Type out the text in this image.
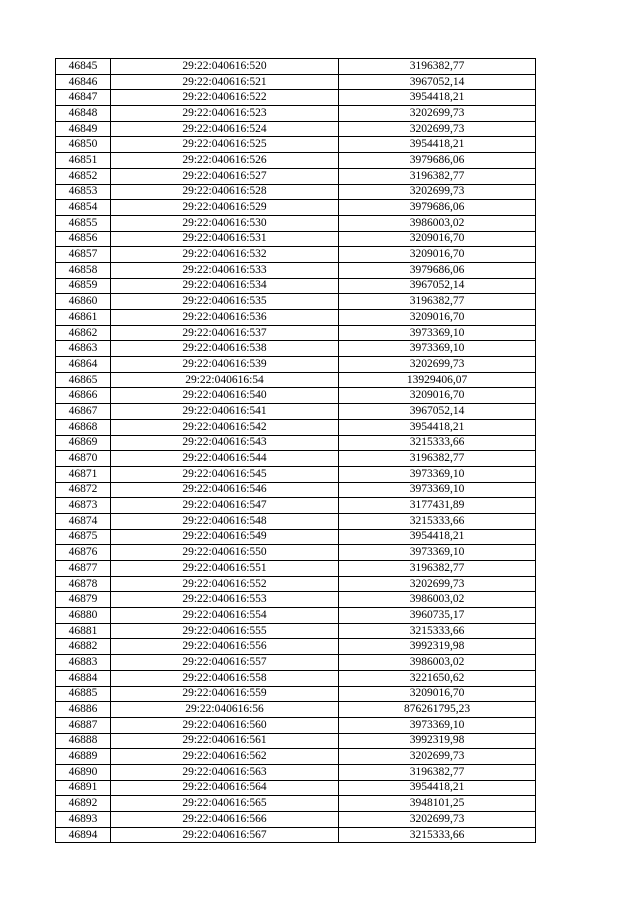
46845	29:22:040616:520	3196382,77
46846	29:22:040616:521	3967052,14
46847	29:22:040616:522	3954418,21
46848	29:22:040616:523	3202699,73
46849	29:22:040616:524	3202699,73
46850	29:22:040616:525	3954418,21
46851	29:22:040616:526	3979686,06
46852	29:22:040616:527	3196382,77
46853	29:22:040616:528	3202699,73
46854	29:22:040616:529	3979686,06
46855	29:22:040616:530	3986003,02
46856	29:22:040616:531	3209016,70
46857	29:22:040616:532	3209016,70
46858	29:22:040616:533	3979686,06
46859	29:22:040616:534	3967052,14
46860	29:22:040616:535	3196382,77
46861	29:22:040616:536	3209016,70
46862	29:22:040616:537	3973369,10
46863	29:22:040616:538	3973369,10
46864	29:22:040616:539	3202699,73
46865	29:22:040616:54	13929406,07
46866	29:22:040616:540	3209016,70
46867	29:22:040616:541	3967052,14
46868	29:22:040616:542	3954418,21
46869	29:22:040616:543	3215333,66
46870	29:22:040616:544	3196382,77
46871	29:22:040616:545	3973369,10
46872	29:22:040616:546	3973369,10
46873	29:22:040616:547	3177431,89
46874	29:22:040616:548	3215333,66
46875	29:22:040616:549	3954418,21
46876	29:22:040616:550	3973369,10
46877	29:22:040616:551	3196382,77
46878	29:22:040616:552	3202699,73
46879	29:22:040616:553	3986003,02
46880	29:22:040616:554	3960735,17
46881	29:22:040616:555	3215333,66
46882	29:22:040616:556	3992319,98
46883	29:22:040616:557	3986003,02
46884	29:22:040616:558	3221650,62
46885	29:22:040616:559	3209016,70
46886	29:22:040616:56	876261795,23
46887	29:22:040616:560	3973369,10
46888	29:22:040616:561	3992319,98
46889	29:22:040616:562	3202699,73
46890	29:22:040616:563	3196382,77
46891	29:22:040616:564	3954418,21
46892	29:22:040616:565	3948101,25
46893	29:22:040616:566	3202699,73
46894	29:22:040616:567	3215333,66
